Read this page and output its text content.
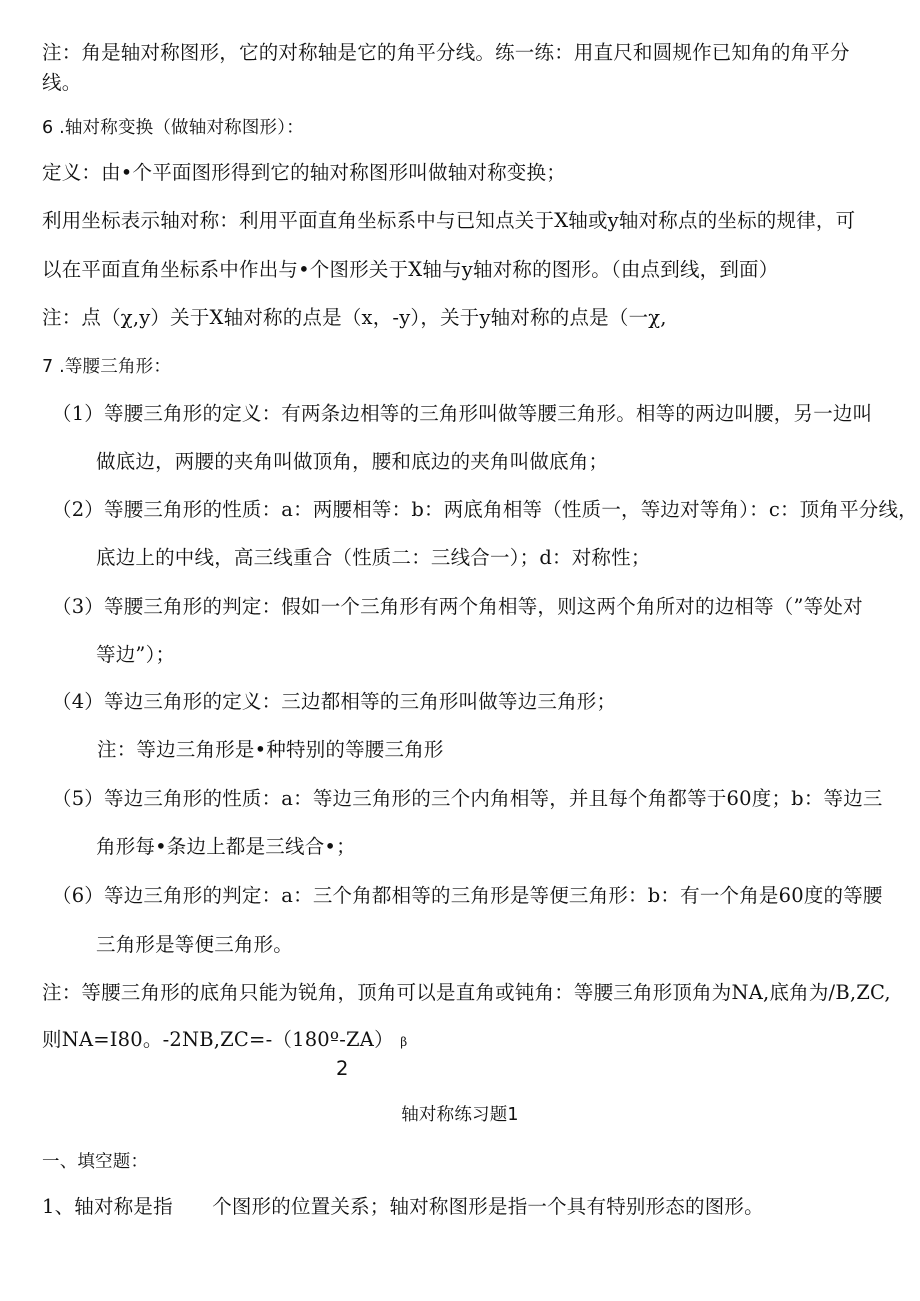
注：角是轴对称图形，它的对称轴是它的角平分线。练一练：用直尺和圆规作已知角的角平分
线。
6 .轴对称变换（做轴对称图形）：
定义：由•个平面图形得到它的轴对称图形叫做轴对称变换；
利用坐标表示轴对称：利用平面直角坐标系中与已知点关于X轴或y轴对称点的坐标的规律，可
以在平面直角坐标系中作出与•个图形关于X轴与y轴对称的图形。（由点到线，到面）
注：点（χ,y）关于X轴对称的点是（x，-y），关于y轴对称的点是（一χ,
7 .等腰三角形：
（1）等腰三角形的定义：有两条边相等的三角形叫做等腰三角形。相等的两边叫腰，另一边叫
做底边，两腰的夹角叫做顶角，腰和底边的夹角叫做底角；
（2）等腰三角形的性质：a：两腰相等：b：两底角相等（性质一，等边对等角）：c：顶角平分线，
底边上的中线，高三线重合（性质二：三线合一）；d：对称性；
（3）等腰三角形的判定：假如一个三角形有两个角相等，则这两个角所对的边相等（”等处对
等边”）；
（4）等边三角形的定义：三边都相等的三角形叫做等边三角形；
注：等边三角形是•种特别的等腰三角形
（5）等边三角形的性质：a：等边三角形的三个内角相等，并且每个角都等于60度；b：等边三
角形每•条边上都是三线合•；
（6）等边三角形的判定：a：三个角都相等的三角形是等便三角形：b：有一个角是60度的等腰
三角形是等便三角形。
注：等腰三角形的底角只能为锐角，顶角可以是直角或钝角：等腰三角形顶角为NA,底角为/B,ZC,
则NA=I80。-2NB,ZC=-（180º-ZA） β
2
轴对称练习题1
一、填空题：
1、轴对称是指　　个图形的位置关系；轴对称图形是指一个具有特别形态的图形。
